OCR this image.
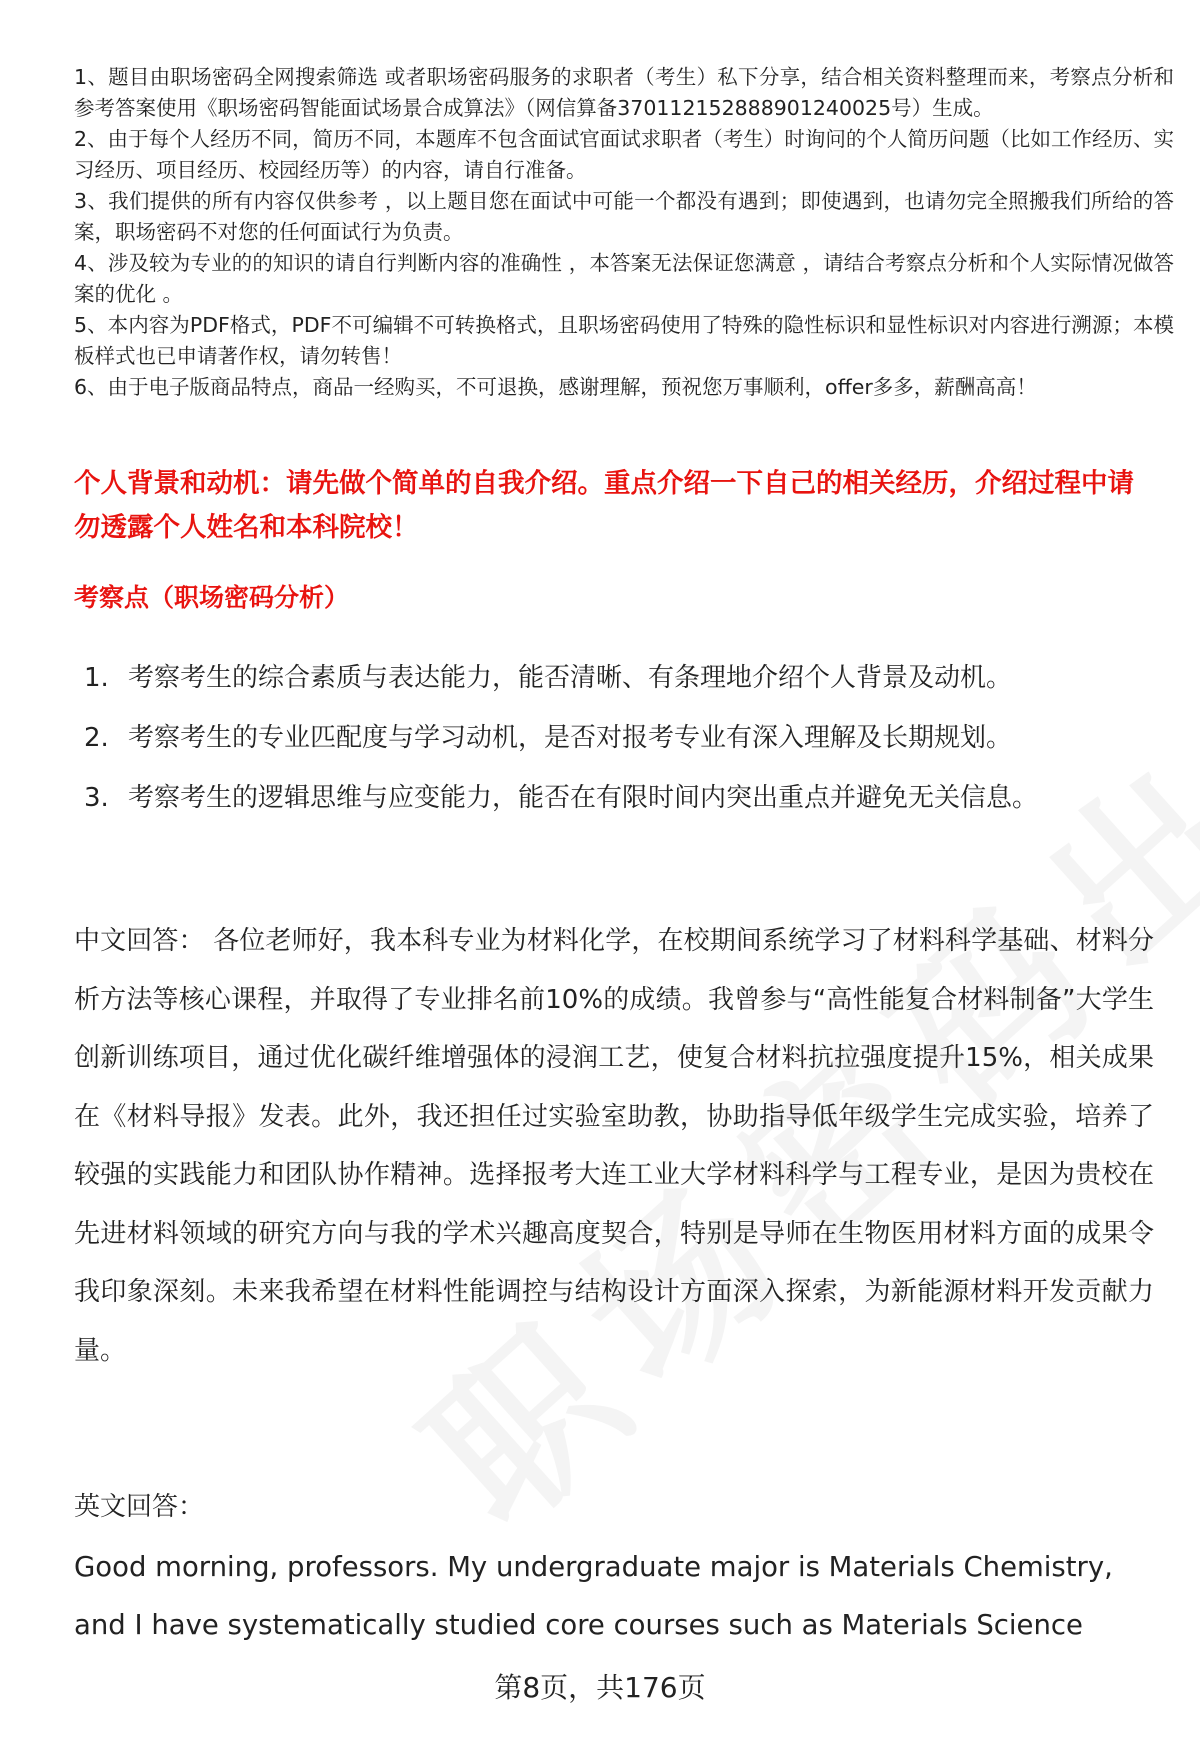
1、题目由职场密码全网搜索筛选 或者职场密码服务的求职者（考生）私下分享，结合相关资料整理而来，考察点分析和参考答案使用《职场密码智能面试场景合成算法》（网信算备370112152888901240025号）生成。

2、由于每个人经历不同，简历不同，本题库不包含面试官面试求职者（考生）时询问的个人简历问题（比如工作经历、实习经历、项目经历、校园经历等）的内容，请自行准备。

3、我们提供的所有内容仅供参考 ，以上题目您在面试中可能一个都没有遇到；即使遇到，也请勿完全照搬我们所给的答案，职场密码不对您的任何面试行为负责。

4、涉及较为专业的的知识的请自行判断内容的准确性 ，本答案无法保证您满意 ，请结合考察点分析和个人实际情况做答案的优化 。

5、本内容为PDF格式，PDF不可编辑不可转换格式，且职场密码使用了特殊的隐性标识和显性标识对内容进行溯源；本模板样式也已申请著作权，请勿转售！

6、由于电子版商品特点，商品一经购买，不可退换，感谢理解，预祝您万事顺利，offer多多，薪酬高高！

个人背景和动机：请先做个简单的自我介绍。重点介绍一下自己的相关经历，介绍过程中请勿透露个人姓名和本科院校！

考察点（职场密码分析）

1. 考察考生的综合素质与表达能力，能否清晰、有条理地介绍个人背景及动机。
2. 考察考生的专业匹配度与学习动机，是否对报考专业有深入理解及长期规划。
3. 考察考生的逻辑思维与应变能力，能否在有限时间内突出重点并避免无关信息。

中文回答： 各位老师好，我本科专业为材料化学，在校期间系统学习了材料科学基础、材料分析方法等核心课程，并取得了专业排名前10%的成绩。我曾参与“高性能复合材料制备”大学生创新训练项目，通过优化碳纤维增强体的浸润工艺，使复合材料抗拉强度提升15%，相关成果在《材料导报》发表。此外，我还担任过实验室助教，协助指导低年级学生完成实验，培养了较强的实践能力和团队协作精神。选择报考大连工业大学材料科学与工程专业，是因为贵校在先进材料领域的研究方向与我的学术兴趣高度契合，特别是导师在生物医用材料方面的成果令我印象深刻。未来我希望在材料性能调控与结构设计方面深入探索，为新能源材料开发贡献力量。

英文回答：

Good morning, professors. My undergraduate major is Materials Chemistry, and I have systematically studied core courses such as Materials Science

第8页，共176页
